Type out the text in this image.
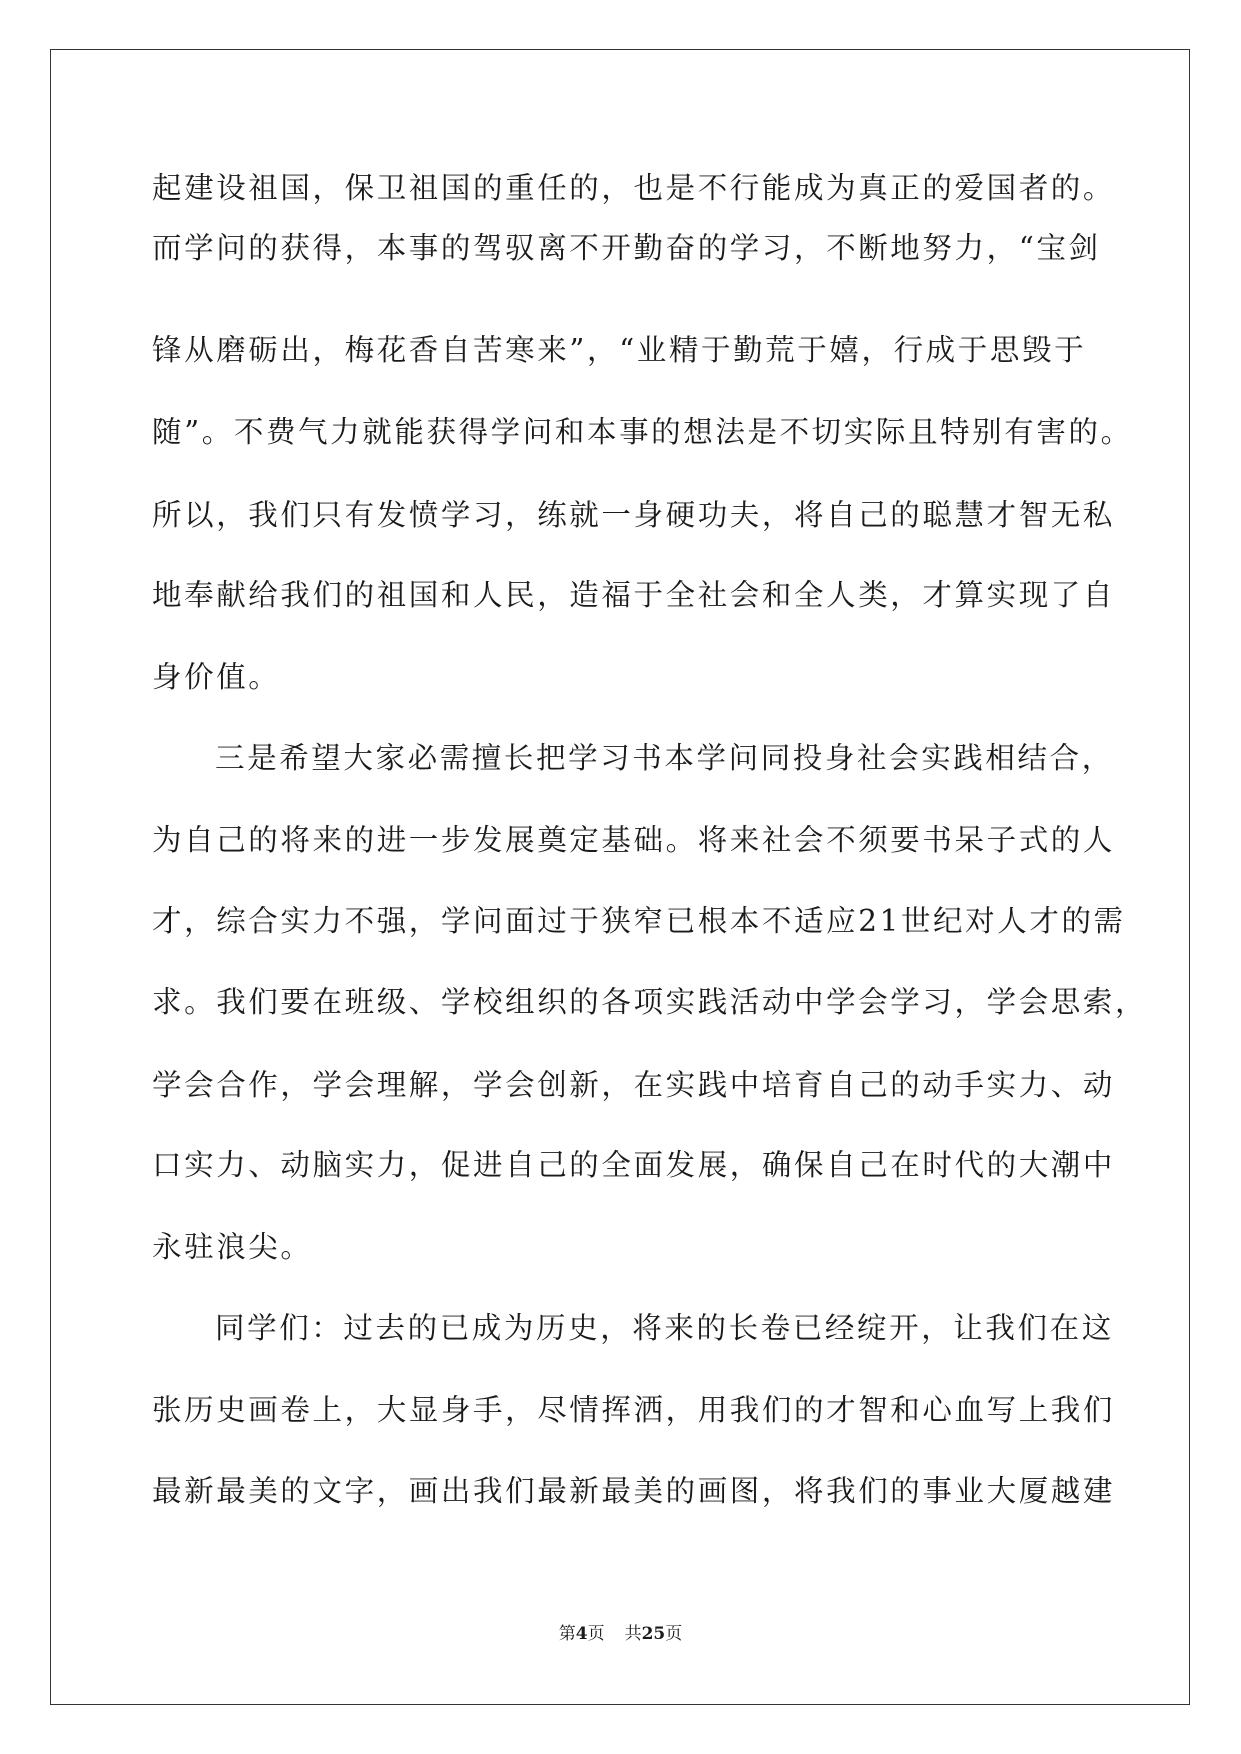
起建设祖国，保卫祖国的重任的，也是不行能成为真正的爱国者的。
而学问的获得，本事的驾驭离不开勤奋的学习，不断地努力，“宝剑
锋从磨砺出，梅花香自苦寒来”，“业精于勤荒于嬉，行成于思毁于
随”。不费气力就能获得学问和本事的想法是不切实际且特别有害的。
所以，我们只有发愤学习，练就一身硬功夫，将自己的聪慧才智无私
地奉献给我们的祖国和人民，造福于全社会和全人类，才算实现了自
身价值。
三是希望大家必需擅长把学习书本学问同投身社会实践相结合，
为自己的将来的进一步发展奠定基础。将来社会不须要书呆子式的人
才，综合实力不强，学问面过于狭窄已根本不适应21世纪对人才的需
求。我们要在班级、学校组织的各项实践活动中学会学习，学会思索，
学会合作，学会理解，学会创新，在实践中培育自己的动手实力、动
口实力、动脑实力，促进自己的全面发展，确保自己在时代的大潮中
永驻浪尖。
同学们：过去的已成为历史，将来的长卷已经绽开，让我们在这
张历史画卷上，大显身手，尽情挥洒，用我们的才智和心血写上我们
最新最美的文字，画出我们最新最美的画图，将我们的事业大厦越建
第4页 共25页
